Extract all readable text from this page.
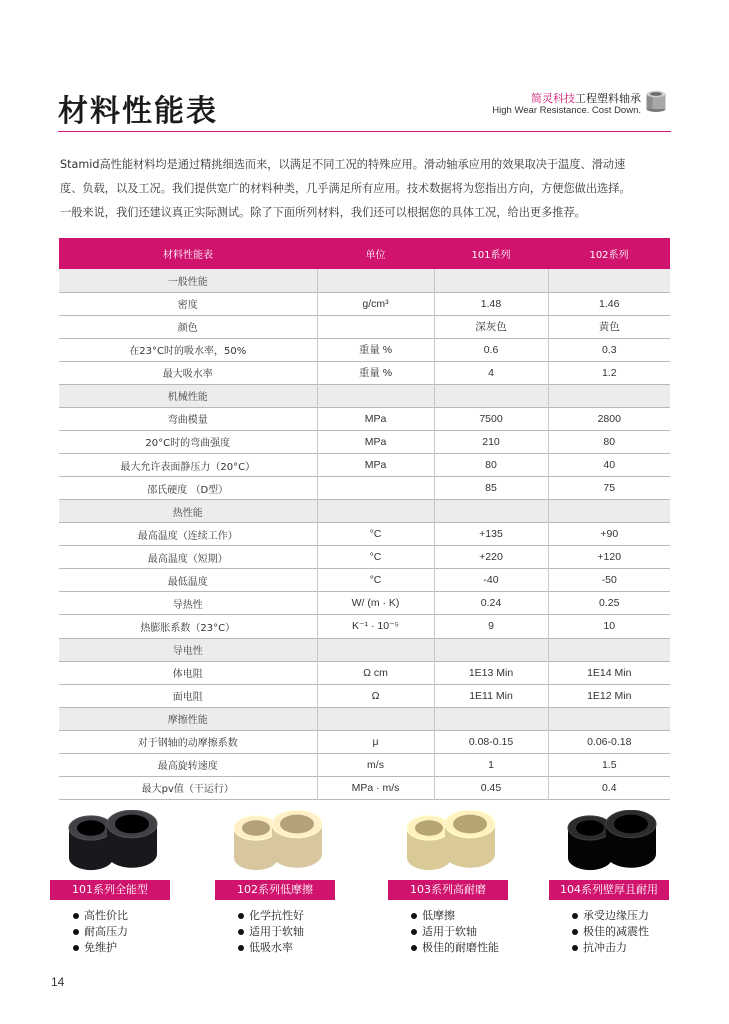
材料性能表	简灵科技工程塑料轴承
High Wear Resistance. Cost Down.
Stamid高性能材料均是通过精挑细选而来，以满足不同工况的特殊应用。滑动轴承应用的效果取决于温度、滑动速
度、负载，以及工况。我们提供宽广的材料种类，几乎满足所有应用。技术数据将为您指出方向，方便您做出选择。
一般来说，我们还建议真正实际测试。除了下面所列材料，我们还可以根据您的具体工况，给出更多推荐。
材料性能表	单位	101系列	102系列
一般性能			
密度	g/cm³	1.48	1.46
颜色		深灰色	黄色
在23°C时的吸水率，50%	重量 %	0.6	0.3
最大吸水率	重量 %	4	1.2
机械性能			
弯曲模量	MPa	7500	2800
20°C时的弯曲强度	MPa	210	80
最大允许表面静压力（20°C）	MPa	80	40
邵氏硬度 （D型）		85	75
热性能			
最高温度（连续工作）	°C	+135	+90
最高温度（短期）	°C	+220	+120
最低温度	°C	-40	-50
导热性	W/ (m · K)	0.24	0.25
热膨胀系数（23°C）	K⁻¹ · 10⁻⁵	9	10
导电性			
体电阻	Ω cm	1E13 Min	1E14 Min
面电阻	Ω	1E11 Min	1E12 Min
摩擦性能			
对于钢轴的动摩擦系数	μ	0.08-0.15	0.06-0.18
最高旋转速度	m/s	1	1.5
最大pv值（干运行）	MPa · m/s	0.45	0.4
101系列全能型
高性价比
耐高压力
免维护
102系列低摩擦
化学抗性好
适用于软轴
低吸水率
103系列高耐磨
低摩擦
适用于软轴
极佳的耐磨性能
104系列壁厚且耐用
承受边缘压力
极佳的减震性
抗冲击力
14
